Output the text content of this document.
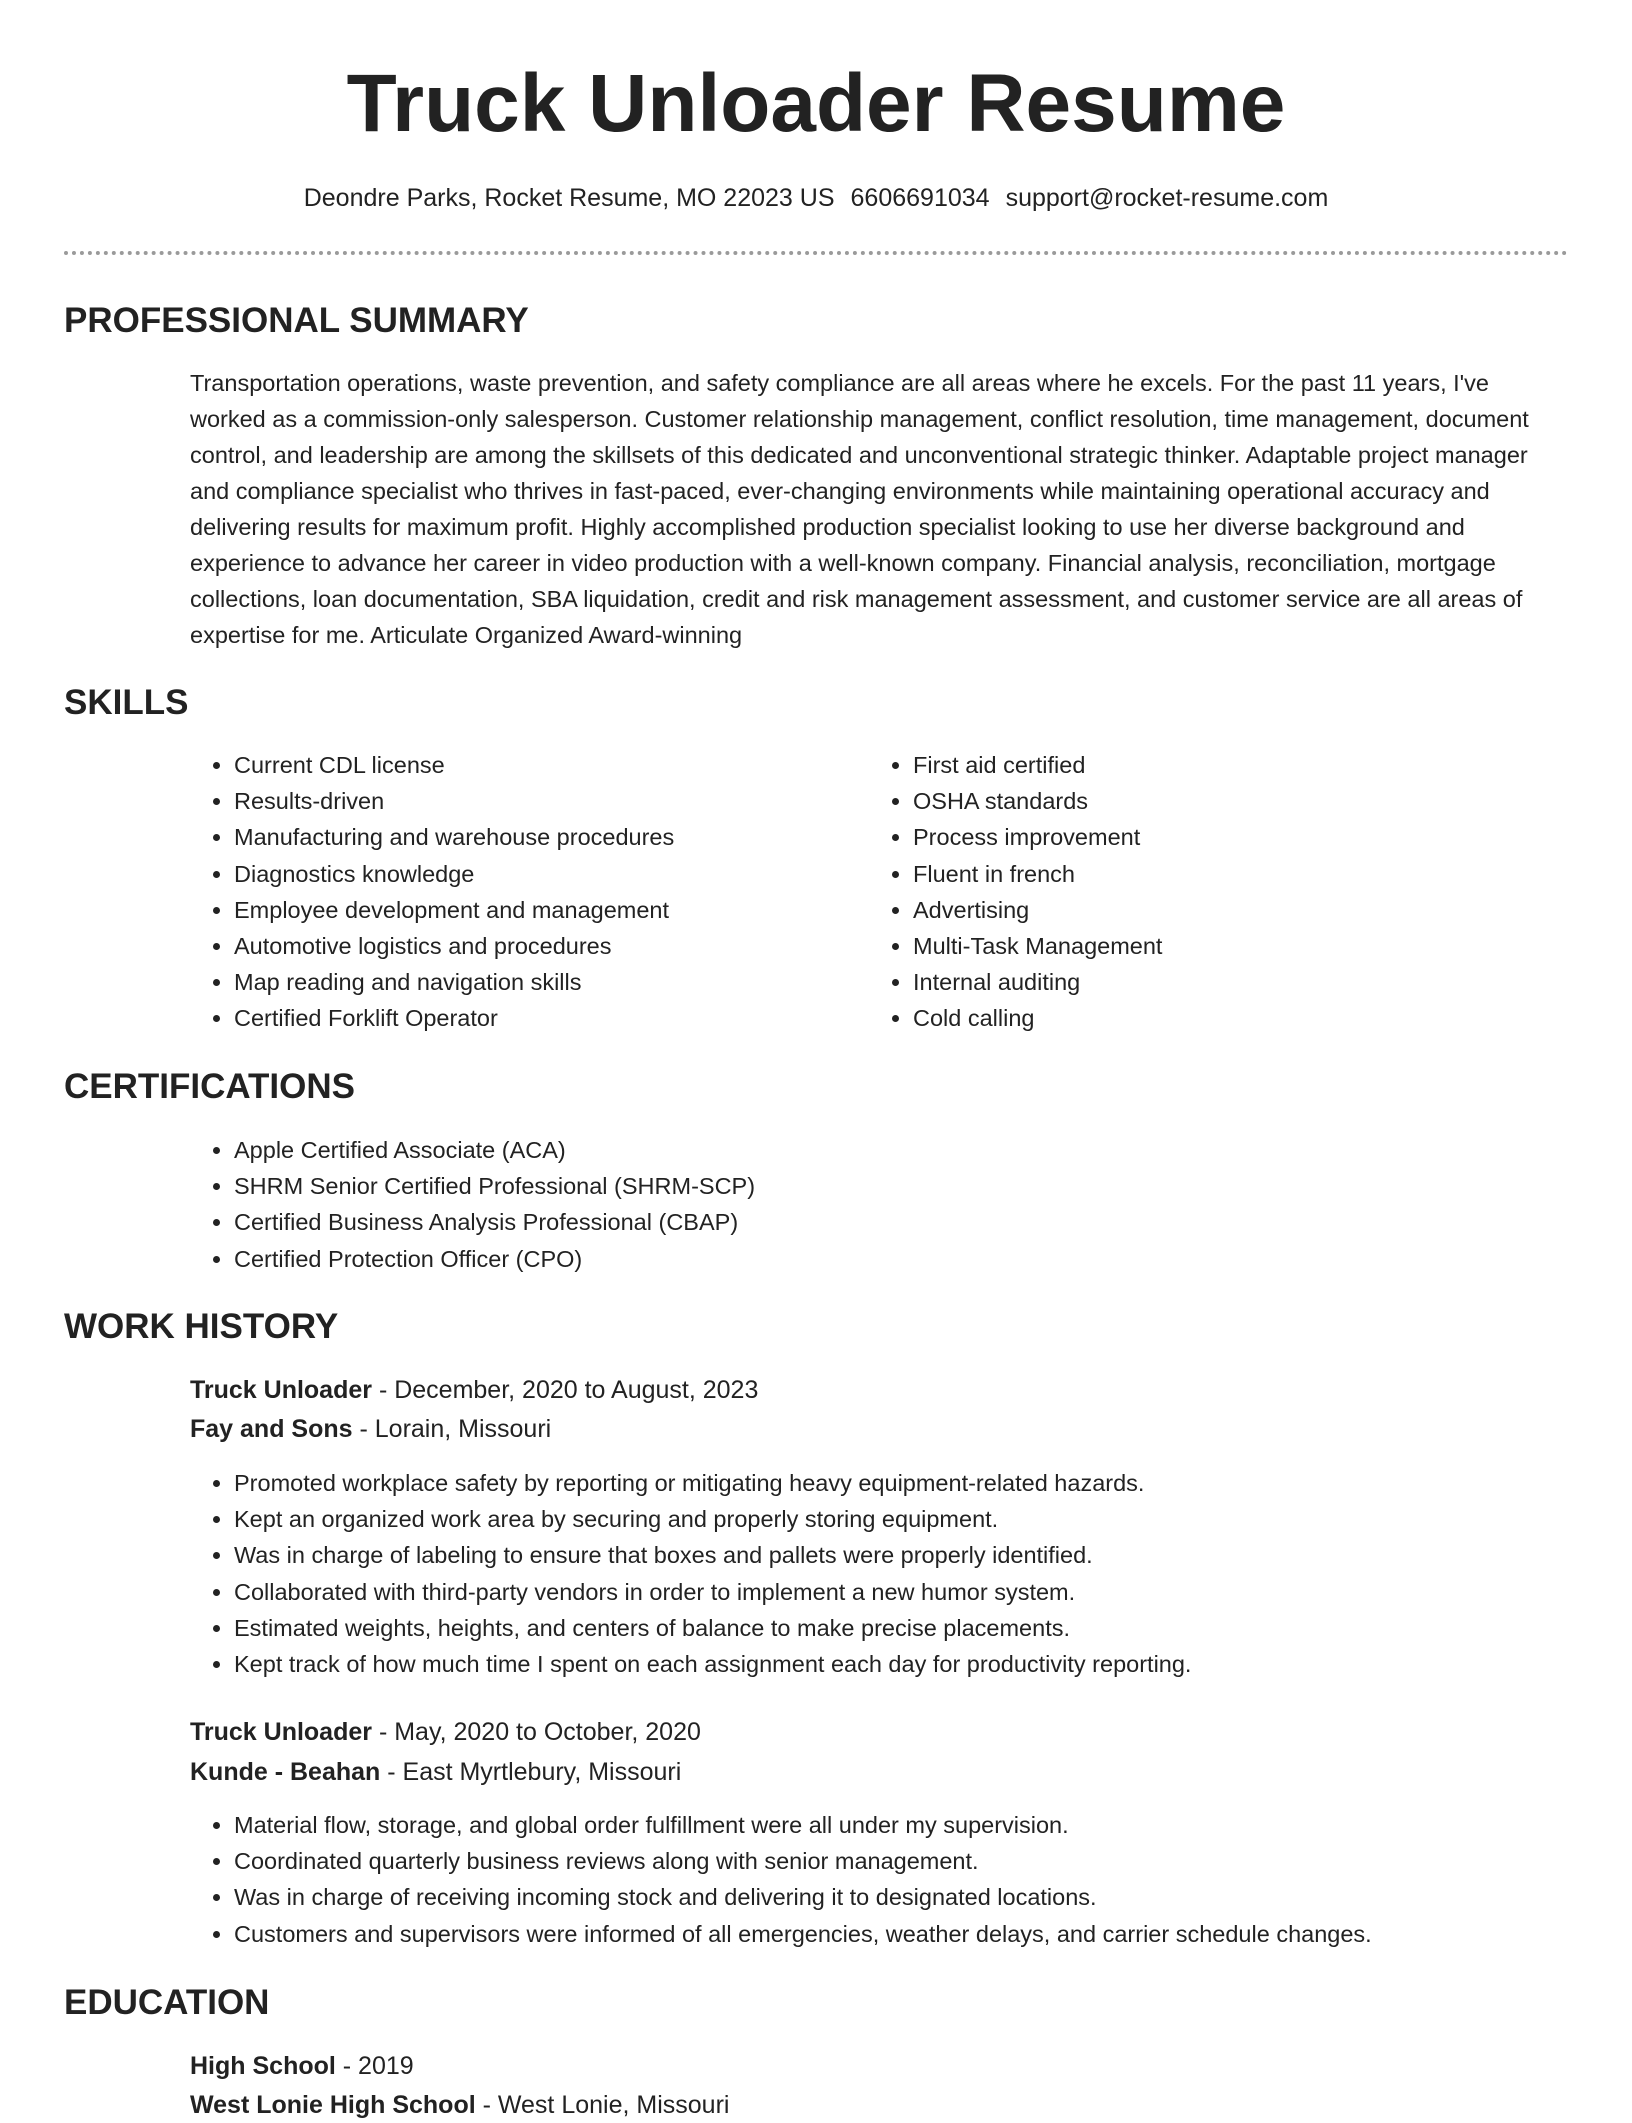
Truck Unloader Resume
Deondre Parks, Rocket Resume, MO 22023 US 6606691034 support@rocket-resume.com
PROFESSIONAL SUMMARY

Transportation operations, waste prevention, and safety compliance are all areas where he excels. For the past 11 years, I've worked as a commission-only salesperson. Customer relationship management, conflict resolution, time management, document control, and leadership are among the skillsets of this dedicated and unconventional strategic thinker. Adaptable project manager and compliance specialist who thrives in fast-paced, ever-changing environments while maintaining operational accuracy and delivering results for maximum profit. Highly accomplished production specialist looking to use her diverse background and experience to advance her career in video production with a well-known company. Financial analysis, reconciliation, mortgage collections, loan documentation, SBA liquidation, credit and risk management assessment, and customer service are all areas of expertise for me. Articulate Organized Award-winning

SKILLS
• Current CDL license
• Results-driven
• Manufacturing and warehouse procedures
• Diagnostics knowledge
• Employee development and management
• Automotive logistics and procedures
• Map reading and navigation skills
• Certified Forklift Operator
• First aid certified
• OSHA standards
• Process improvement
• Fluent in french
• Advertising
• Multi-Task Management
• Internal auditing
• Cold calling
CERTIFICATIONS
• Apple Certified Associate (ACA)
• SHRM Senior Certified Professional (SHRM-SCP)
• Certified Business Analysis Professional (CBAP)
• Certified Protection Officer (CPO)
WORK HISTORY
Truck Unloader - December, 2020 to August, 2023
Fay and Sons - Lorain, Missouri
• Promoted workplace safety by reporting or mitigating heavy equipment-related hazards.
• Kept an organized work area by securing and properly storing equipment.
• Was in charge of labeling to ensure that boxes and pallets were properly identified.
• Collaborated with third-party vendors in order to implement a new humor system.
• Estimated weights, heights, and centers of balance to make precise placements.
• Kept track of how much time I spent on each assignment each day for productivity reporting.
Truck Unloader - May, 2020 to October, 2020
Kunde - Beahan - East Myrtlebury, Missouri
• Material flow, storage, and global order fulfillment were all under my supervision.
• Coordinated quarterly business reviews along with senior management.
• Was in charge of receiving incoming stock and delivering it to designated locations.
• Customers and supervisors were informed of all emergencies, weather delays, and carrier schedule changes.
EDUCATION
High School - 2019
West Lonie High School - West Lonie, Missouri
